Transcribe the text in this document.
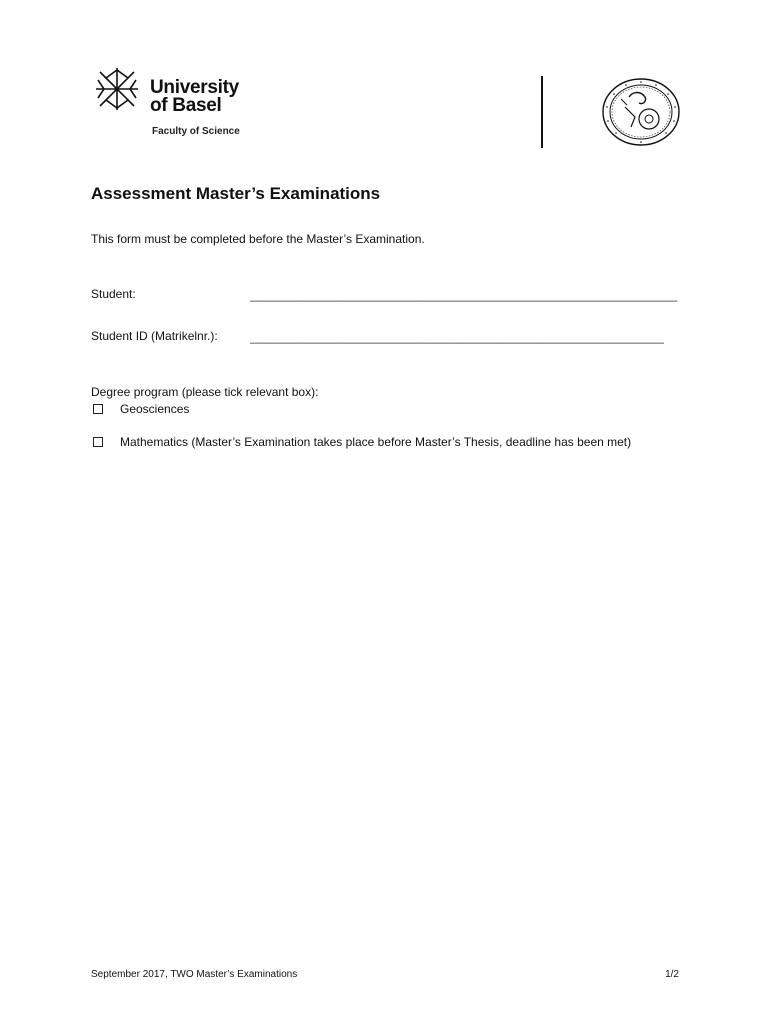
University
of Basel
Faculty of Science
Assessment Master’s Examinations
This form must be completed before the Master’s Examination.
Student:	________________________________________________________________
Student ID (Matrikelnr.):	______________________________________________________________
Degree program (please tick relevant box):
Geosciences
Mathematics (Master’s Examination takes place before Master’s Thesis, deadline has been met)
September 2017, TWO Master’s Examinations	1/2
